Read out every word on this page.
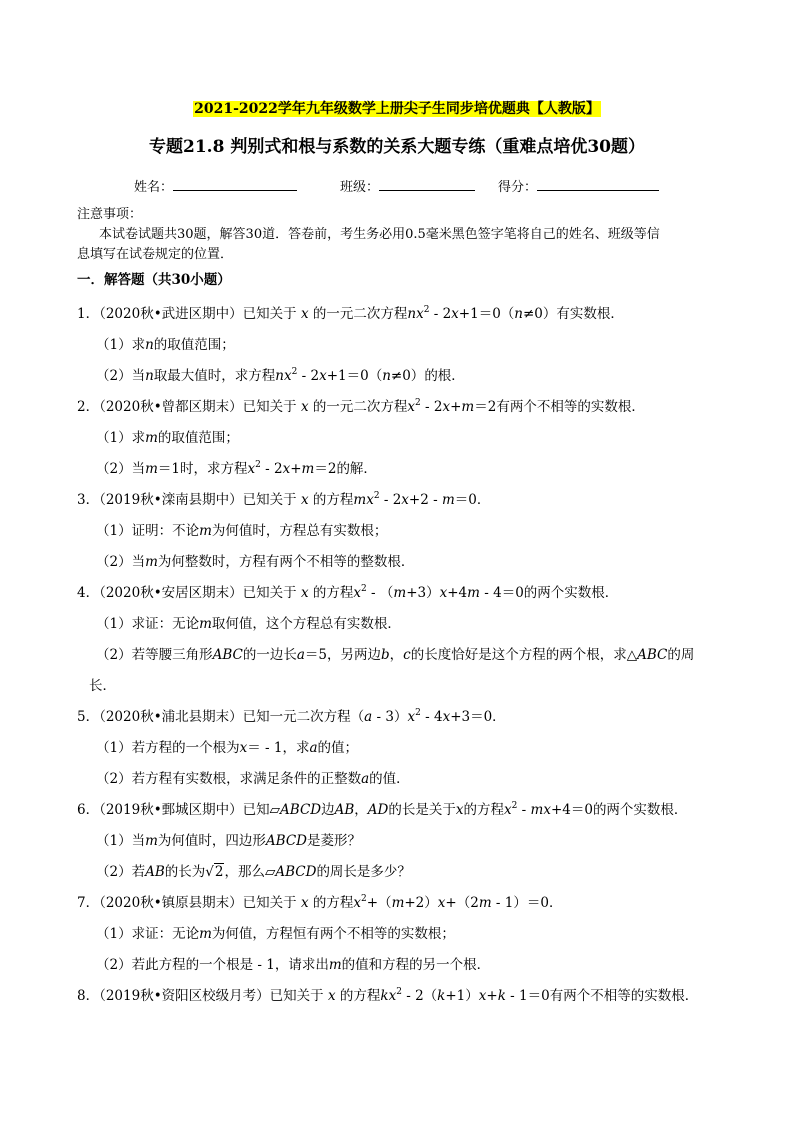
2021-2022学年九年级数学上册尖子生同步培优题典【人教版】
专题21.8 判别式和根与系数的关系大题专练（重难点培优30题）
姓名：	班级：	得分：
注意事项：
本试卷试题共30题，解答30道．答卷前，考生务必用0.5毫米黑色签字笔将自己的姓名、班级等信
息填写在试卷规定的位置．
一．解答题（共30小题）
1．（2020秋•武进区期中）已知关于 x 的一元二次方程$nx^2 - 2x+1=0(n\ne 0)$有实数根．
（1）求n的取值范围；
（2）当n取最大值时，求方程$nx^2 - 2x+1=0(n\ne 0)$的根．
2．（2020秋•曾都区期末）已知关于 x 的一元二次方程$x^2 - 2x+m=2$有两个不相等的实数根．
（1）求m的取值范围；
（2）当m＝1时，求方程$x^2 - 2x+m=2$的解．
3．（2019秋•滦南县期中）已知关于 x 的方程$mx^2 - 2x+2 - m=0$．
（1）证明：不论m为何值时，方程总有实数根；
（2）当m为何整数时，方程有两个不相等的整数根．
4．（2020秋•安居区期末）已知关于 x 的方程$x^2 - (m+3)x+4m - 4=0$的两个实数根．
（1）求证：无论m取何值，这个方程总有实数根．
（2）若等腰三角形ABC的一边长a＝5，另两边b，c的长度恰好是这个方程的两个根，求△ABC的周
长．
5．（2020秋•浦北县期末）已知一元二次方程$(a - 3)x^2 - 4x+3=0$．
（1）若方程的一个根为x＝ - 1，求a的值；
（2）若方程有实数根，求满足条件的正整数a的值．
6．（2019秋•鄄城区期中）已知▱ABCD边AB，AD的长是关于x的方程$x^2 - mx+4=0$的两个实数根．
（1）当m为何值时，四边形ABCD是菱形？
（2）若AB的长为√2，那么▱ABCD的周长是多少？
7．（2020秋•镇原县期末）已知关于 x 的方程$x^2+(m+2)x+(2m - 1)=0$．
（1）求证：无论m为何值，方程恒有两个不相等的实数根；
（2）若此方程的一个根是 - 1，请求出m的值和方程的另一个根．
8．（2019秋•资阳区校级月考）已知关于 x 的方程$kx^2 - 2(k+1)x+k - 1=0$有两个不相等的实数根．
